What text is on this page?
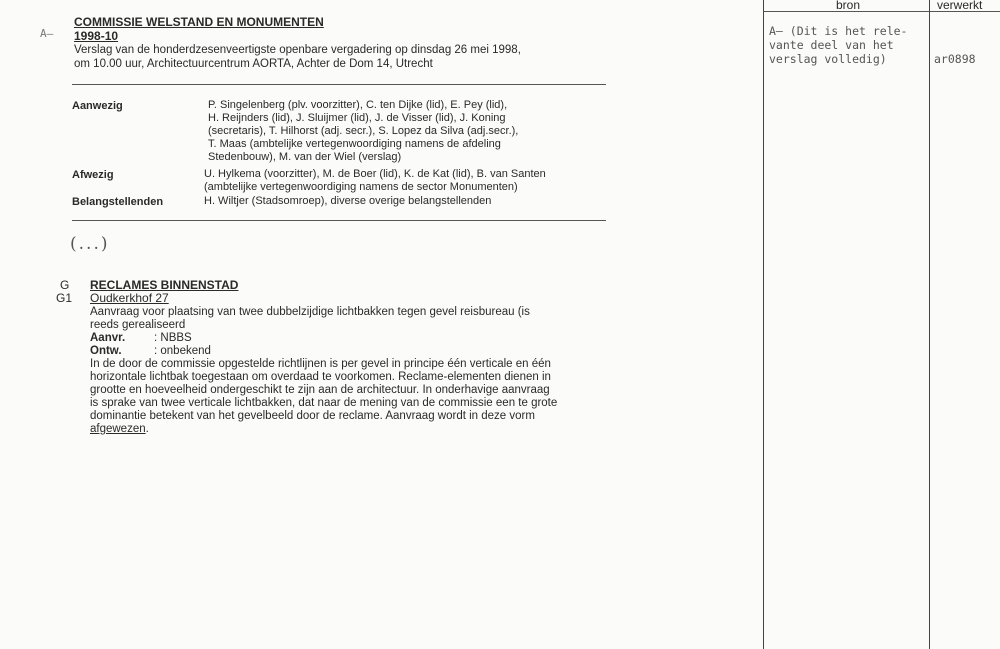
A—
COMMISSIE WELSTAND EN MONUMENTEN
1998-10
Verslag van de honderdzesenveertigste openbare vergadering op dinsdag 26 mei 1998,
om 10.00 uur, Architectuurcentrum AORTA, Achter de Dom 14, Utrecht
Aanwezig	P. Singelenberg (plv. voorzitter), C. ten Dijke (lid), E. Pey (lid),
H. Reijnders (lid), J. Sluijmer (lid), J. de Visser (lid), J. Koning
(secretaris), T. Hilhorst (adj. secr.), S. Lopez da Silva (adj.secr.),
T. Maas (ambtelijke vertegenwoordiging namens de afdeling
Stedenbouw), M. van der Wiel (verslag)
Afwezig	U. Hylkema (voorzitter), M. de Boer (lid), K. de Kat (lid), B. van Santen
(ambtelijke vertegenwoordiging namens de sector Monumenten)
Belangstellenden	H. Wiltjer (Stadsomroep), diverse overige belangstellenden
(...)
G RECLAMES BINNENSTAD
G1 Oudkerkhof 27
Aanvraag voor plaatsing van twee dubbelzijdige lichtbakken tegen gevel reisbureau (is
reeds gerealiseerd
Aanvr.	: NBBS
Ontw.	: onbekend
In de door de commissie opgestelde richtlijnen is per gevel in principe één verticale en één
horizontale lichtbak toegestaan om overdaad te voorkomen. Reclame-elementen dienen in
grootte en hoeveelheid ondergeschikt te zijn aan de architectuur. In onderhavige aanvraag
is sprake van twee verticale lichtbakken, dat naar de mening van de commissie een te grote
dominantie betekent van het gevelbeeld door de reclame. Aanvraag wordt in deze vorm
afgewezen.
bron	verwerkt
A— (Dit is het rele-
vante deel van het
verslag volledig)	ar0898
